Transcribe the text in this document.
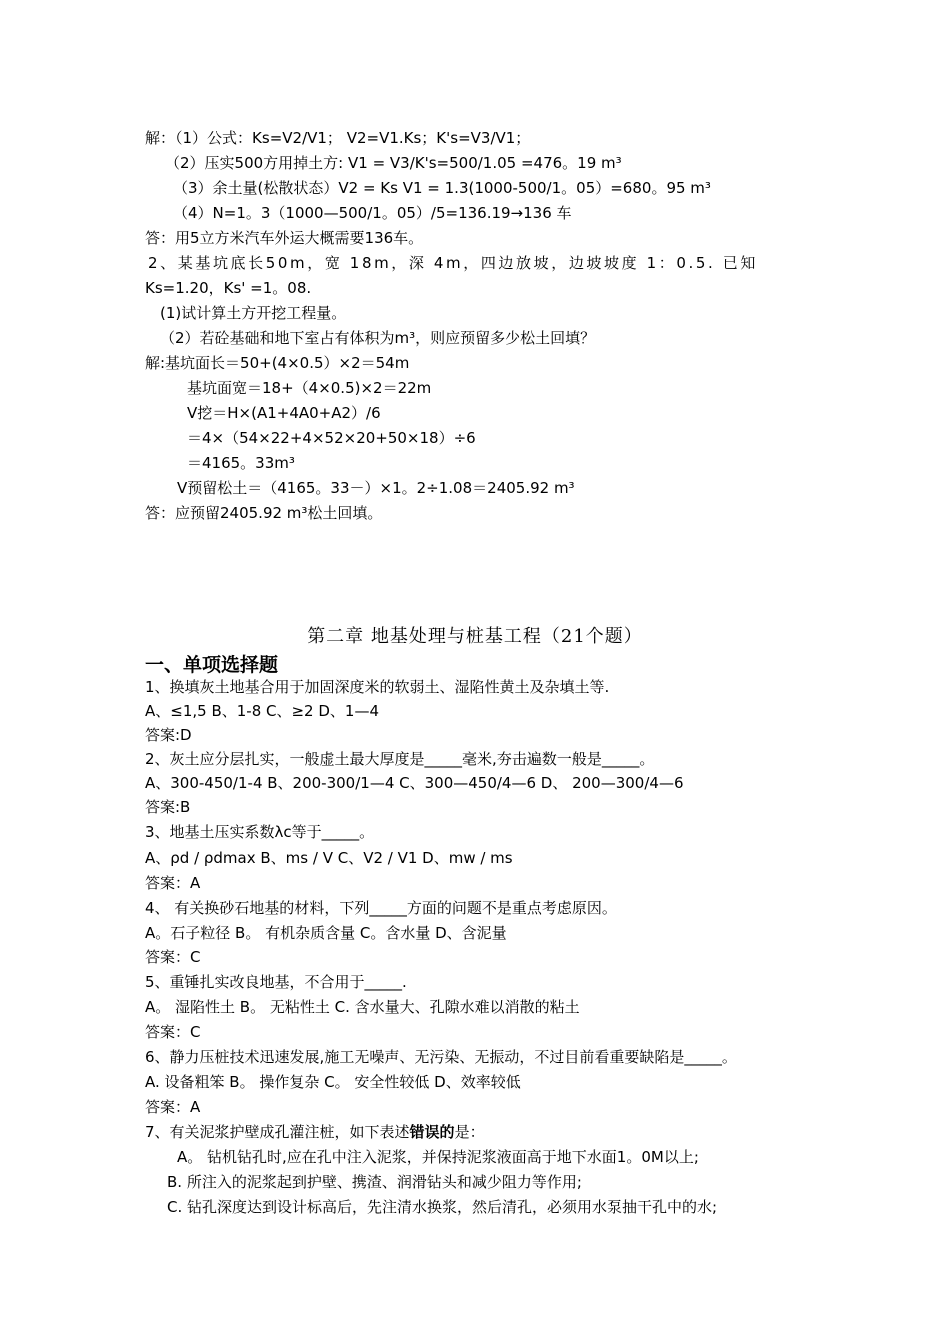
解：（1）公式：Ks=V2/V1； V2=V1.Ks；K's=V3/V1；
（2）压实500方用掉土方: V1 = V3/K's=500/1.05 =476。19 m³
（3）余土量(松散状态）V2 = Ks V1 = 1.3(1000-500/1。05）=680。95 m³
（4）N=1。3（1000—500/1。05）/5=136.19→136 车
答：用5立方米汽车外运大概需要136车。
2、某基坑底长50m，宽 18m，深 4m，四边放坡，边坡坡度 1：0.5. 已知
Ks=1.20，Ks' =1。08.
(1)试计算土方开挖工程量。
（2）若砼基础和地下室占有体积为m³，则应预留多少松土回填？
解:基坑面长＝50+(4×0.5）×2＝54m
基坑面宽＝18+（4×0.5)×2＝22m
V挖＝H×(A1+4A0+A2）/6
＝4×（54×22+4×52×20+50×18）÷6
＝4165。33m³
V预留松土＝（4165。33－）×1。2÷1.08＝2405.92 m³
答：应预留2405.92 m³松土回填。
第二章 地基处理与桩基工程（21个题）
一、单项选择题
1、换填灰土地基合用于加固深度米的软弱土、湿陷性黄土及杂填土等.
A、≤1,5 B、1-8 C、≥2 D、1—4
答案:D
2、灰土应分层扎实，一般虚土最大厚度是_____毫米,夯击遍数一般是_____。
A、300-450/1-4 B、200-300/1—4 C、300—450/4—6 D、 200—300/4—6
答案:B
3、地基土压实系数λc等于_____。
A、ρd / ρdmax B、ms / V C、V2 / V1 D、mw / ms
答案：A
4、 有关换砂石地基的材料，下列_____方面的问题不是重点考虑原因。
A。石子粒径 B。 有机杂质含量 C。含水量 D、含泥量
答案：C
5、重锤扎实改良地基，不合用于_____.
A。 湿陷性土 B。 无粘性土 C. 含水量大、孔隙水难以消散的粘土
答案：C
6、静力压桩技术迅速发展,施工无噪声、无污染、无振动，不过目前看重要缺陷是_____。
A. 设备粗笨 B。 操作复杂 C。 安全性较低 D、效率较低
答案：A
7、有关泥浆护壁成孔灌注桩，如下表述错误的是：
A。 钻机钻孔时,应在孔中注入泥浆，并保持泥浆液面高于地下水面1。0M以上;
B. 所注入的泥浆起到护壁、携渣、润滑钻头和减少阻力等作用;
C. 钻孔深度达到设计标高后，先注清水换浆，然后清孔，必须用水泵抽干孔中的水;
